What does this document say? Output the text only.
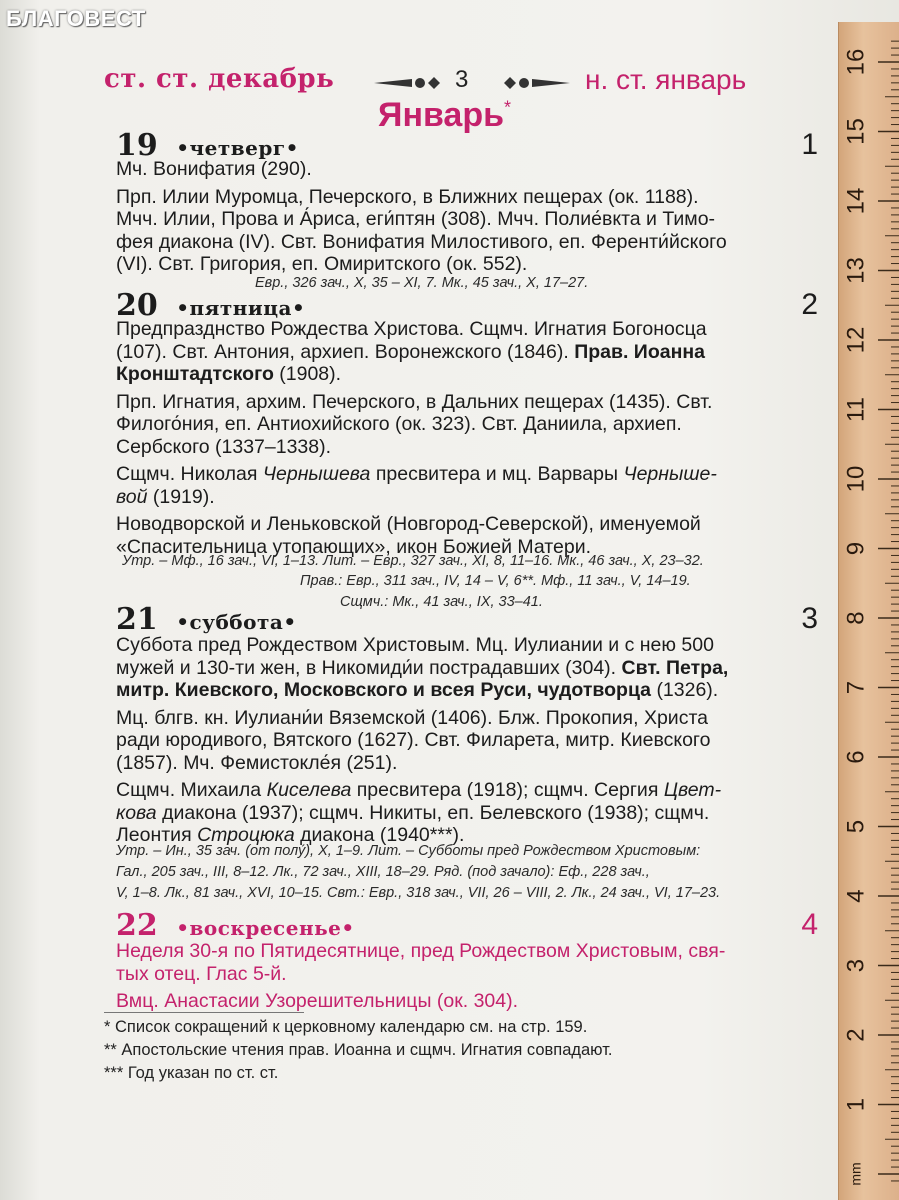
БЛАГОВЕСТ
ст. ст. декабрь	3	н. ст. январь
Январь*
19 •четверг•	1
Мч. Вонифатия (290).
Прп. Илии Муромца, Печерского, в Ближних пещерах (ок. 1188).
Мчч. Илии, Прова и А́риса, еги́птян (308). Мчч. Полие́вкта и Тимо-
фея диакона (IV). Свт. Вонифатия Милостивого, еп. Ференти́йского
(VI). Свт. Григория, еп. Омиритского (ок. 552).
Евр., 326 зач., Х, 35 – XI, 7. Мк., 45 зач., Х, 17–27.
20 •пятница•	2
Предпразднство Рождества Христова. Сщмч. Игнатия Богоносца
(107). Свт. Антония, архиеп. Воронежского (1846). Прав. Иоанна
Кронштадтского (1908).
Прп. Игнатия, архим. Печерского, в Дальних пещерах (1435). Свт.
Филого́ния, еп. Антиохийского (ок. 323). Свт. Даниила, архиеп.
Сербского (1337–1338).
Сщмч. Николая Чернышева пресвитера и мц. Варвары Черныше-
вой (1919).
Новодворской и Леньковской (Новгород-Северской), именуемой
«Спасительница утопающих», икон Божией Матери.
Утр. – Мф., 16 зач., VI, 1–13. Лит. – Евр., 327 зач., XI, 8, 11–16. Мк., 46 зач., Х, 23–32.
Прав.: Евр., 311 зач., IV, 14 – V, 6**. Мф., 11 зач., V, 14–19.
Сщмч.: Мк., 41 зач., IX, 33–41.
21 •суббота•	3
Суббота пред Рождеством Христовым. Мц. Иулиании и с нею 500
мужей и 130-ти жен, в Никомиди́и пострадавших (304). Свт. Петра,
митр. Киевского, Московского и всея Руси, чудотворца (1326).
Мц. блгв. кн. Иулиани́и Вяземской (1406). Блж. Прокопия, Христа
ради юродивого, Вятского (1627). Свт. Филарета, митр. Киевского
(1857). Мч. Фемистокле́я (251).
Сщмч. Михаила Киселева пресвитера (1918); сщмч. Сергия Цвет-
кова диакона (1937); сщмч. Никиты, еп. Белевского (1938); сщмч.
Леонтия Строцюка диакона (1940***).
Утр. – Ин., 35 зач. (от полу́), Х, 1–9. Лит. – Субботы пред Рождеством Христовым:
Гал., 205 зач., III, 8–12. Лк., 72 зач., XIII, 18–29. Ряд. (под зачало): Еф., 228 зач.,
V, 1–8. Лк., 81 зач., XVI, 10–15. Свт.: Евр., 318 зач., VII, 26 – VIII, 2. Лк., 24 зач., VI, 17–23.
22 •воскресенье•	4
Неделя 30-я по Пятидесятнице, пред Рождеством Христовым, свя-
тых отец. Глас 5-й.
Вмц. Анастасии Узорешительницы (ок. 304).
* Список сокращений к церковному календарю см. на стр. 159.
** Апостольские чтения прав. Иоанна и сщмч. Игнатия совпадают.
*** Год указан по ст. ст.
16
15
14
13
12
11
10
9
8
7
6
5
4
3
2
1
mm
